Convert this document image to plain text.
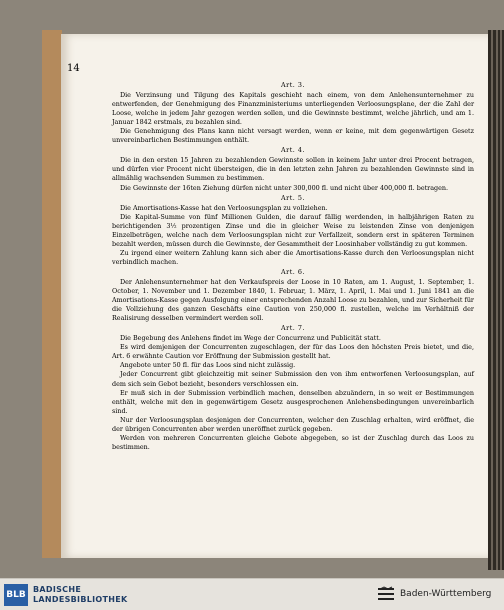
14
Art. 3.

Die Verzinsung und Tilgung des Kapitals geschieht nach einem, von dem Anlehensunternehmer zu entwerfenden, der Genehmigung des Finanzministeriums unterliegenden Verloosungsplane, der die Zahl der Loose, welche in jedem Jahr gezogen werden sollen, und die Gewinnste bestimmt, welche jährlich, und am 1. Januar 1842 erstmals, zu bezahlen sind.

Die Genehmigung des Plans kann nicht versagt werden, wenn er keine, mit dem gegenwärtigen Gesetz unvereinbarlichen Bestimmungen enthält.

Art. 4.

Die in den ersten 15 Jahren zu bezahlenden Gewinnste sollen in keinem Jahr unter drei Procent betragen, und dürfen vier Procent nicht übersteigen, die in den letzten zehn Jahren zu bezahlenden Gewinnste sind in allmählig wachsenden Summen zu bestimmen.

Die Gewinnste der 16ten Ziehung dürfen nicht unter 300,000 fl. und nicht über 400,000 fl. betragen.

Art. 5.

Die Amortisations-Kasse hat den Verloosungsplan zu vollziehen.

Die Kapital-Summe von fünf Millionen Gulden, die darauf fällig werdenden, in halbjährigen Raten zu berichtigenden 3½ prozentigen Zinse und die in gleicher Weise zu leistenden Zinse von denjenigen Einzelbeträgen, welche nach dem Verloosungsplan nicht zur Verfallzeit, sondern erst in späteren Terminen bezahlt werden, müssen durch die Gewinnste, der Gesammtheit der Loosinhaber vollständig zu gut kommen.

Zu irgend einer weitern Zahlung kann sich aber die Amortisations-Kasse durch den Verloosungsplan nicht verbindlich machen.

Art. 6.

Der Anlehensunternehmer hat den Verkaufspreis der Loose in 10 Raten, am 1. August, 1. September, 1. October, 1. November und 1. Dezember 1840, 1. Februar, 1. März, 1. April, 1. Mai und 1. Juni 1841 an die Amortisations-Kasse gegen Ausfolgung einer entsprechenden Anzahl Loose zu bezahlen, und zur Sicherheit für die Vollziehung des ganzen Geschäfts eine Caution von 250,000 fl. zustellen, welche im Verhältniß der Realisirung desselben vermindert werden soll.

Art. 7.

Die Begebung des Anlehens findet im Wege der Concurrenz und Publicität statt.

Es wird demjenigen der Concurrenten zugeschlagen, der für das Loos den höchsten Preis bietet, und die, Art. 6 erwähnte Caution vor Eröffnung der Submission gestellt hat.

Angebote unter 50 fl. für das Loos sind nicht zulässig.

Jeder Concurrent gibt gleichzeitig mit seiner Submission den von ihm entworfenen Verloosungsplan, auf dem sich sein Gebot bezieht, besonders verschlossen ein.

Er muß sich in der Submission verbindlich machen, denselben abzuändern, in so weit er Bestimmungen enthält, welche mit den in gegenwärtigem Gesetz ausgesprochenen Anlehensbedingungen unvereinbarlich sind.

Nur der Verloosungsplan desjenigen der Concurrenten, welcher den Zuschlag erhalten, wird eröffnet, die der übrigen Concurrenten aber werden uneröffnet zurück gegeben.

Werden von mehreren Concurrenten gleiche Gebote abgegeben, so ist der Zuschlag durch das Loos zu bestimmen.

BLB
BADISCHE
LANDESBIBLIOTHEK
Baden-Württemberg
